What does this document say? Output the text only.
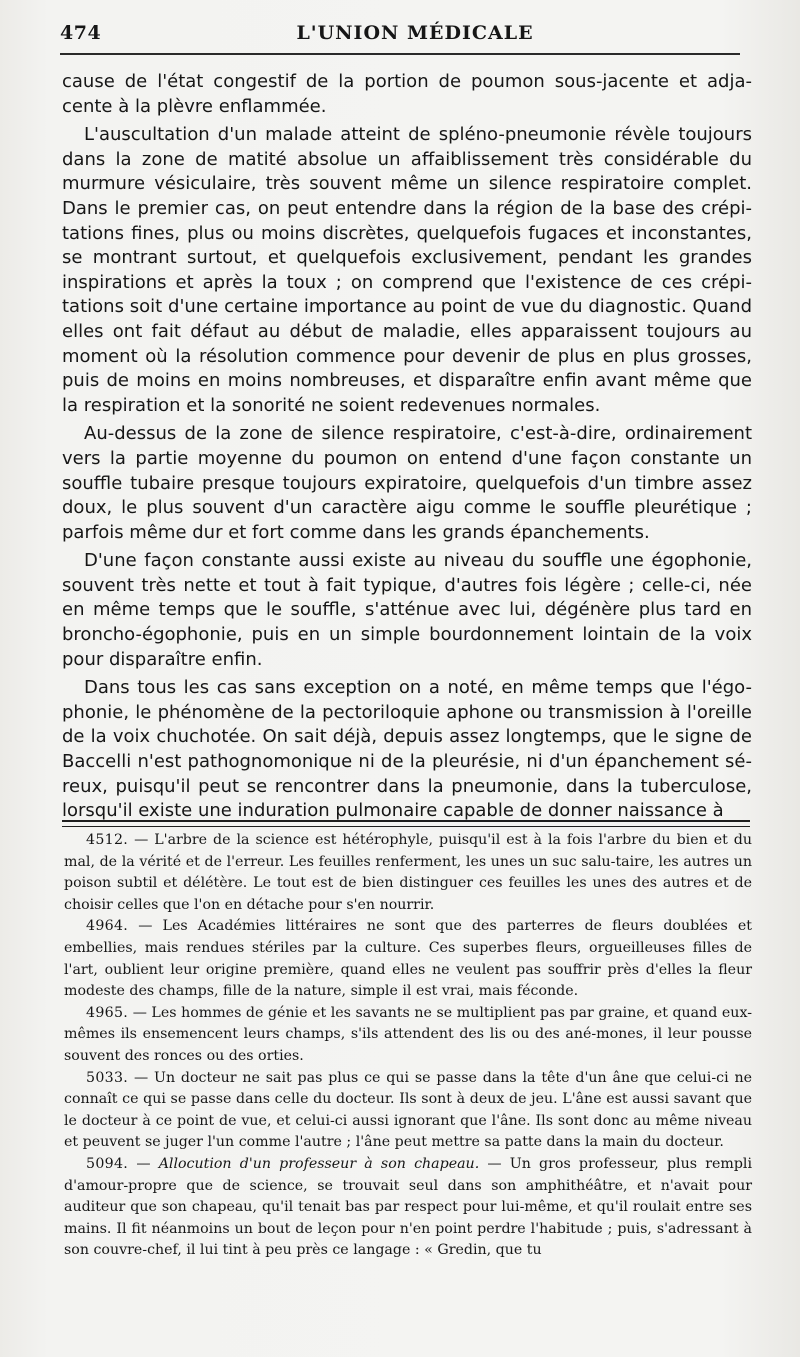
474	L'UNION MÉDICALE

cause de l'état congestif de la portion de poumon sous-jacente et adja-cente à la plèvre enflammée.

L'auscultation d'un malade atteint de spléno-pneumonie révèle toujours dans la zone de matité absolue un affaiblissement très considérable du murmure vésiculaire, très souvent même un silence respiratoire complet. Dans le premier cas, on peut entendre dans la région de la base des crépi-tations fines, plus ou moins discrètes, quelquefois fugaces et inconstantes, se montrant surtout, et quelquefois exclusivement, pendant les grandes inspirations et après la toux ; on comprend que l'existence de ces crépi-tations soit d'une certaine importance au point de vue du diagnostic. Quand elles ont fait défaut au début de maladie, elles apparaissent toujours au moment où la résolution commence pour devenir de plus en plus grosses, puis de moins en moins nombreuses, et disparaître enfin avant même que la respiration et la sonorité ne soient redevenues normales.

Au-dessus de la zone de silence respiratoire, c'est-à-dire, ordinairement vers la partie moyenne du poumon on entend d'une façon constante un souffle tubaire presque toujours expiratoire, quelquefois d'un timbre assez doux, le plus souvent d'un caractère aigu comme le souffle pleurétique ; parfois même dur et fort comme dans les grands épanchements.

D'une façon constante aussi existe au niveau du souffle une égophonie, souvent très nette et tout à fait typique, d'autres fois légère ; celle-ci, née en même temps que le souffle, s'atténue avec lui, dégénère plus tard en broncho-égophonie, puis en un simple bourdonnement lointain de la voix pour disparaître enfin.

Dans tous les cas sans exception on a noté, en même temps que l'égo-phonie, le phénomène de la pectoriloquie aphone ou transmission à l'oreille de la voix chuchotée. On sait déjà, depuis assez longtemps, que le signe de Baccelli n'est pathognomonique ni de la pleurésie, ni d'un épanchement sé-reux, puisqu'il peut se rencontrer dans la pneumonie, dans la tuberculose, lorsqu'il existe une induration pulmonaire capable de donner naissance à

4512. — L'arbre de la science est hétérophyle, puisqu'il est à la fois l'arbre du bien et du mal, de la vérité et de l'erreur. Les feuilles renferment, les unes un suc salu-taire, les autres un poison subtil et délétère. Le tout est de bien distinguer ces feuilles les unes des autres et de choisir celles que l'on en détache pour s'en nourrir.

4964. — Les Académies littéraires ne sont que des parterres de fleurs doublées et embellies, mais rendues stériles par la culture. Ces superbes fleurs, orgueilleuses filles de l'art, oublient leur origine première, quand elles ne veulent pas souffrir près d'elles la fleur modeste des champs, fille de la nature, simple il est vrai, mais féconde.

4965. — Les hommes de génie et les savants ne se multiplient pas par graine, et quand eux-mêmes ils ensemencent leurs champs, s'ils attendent des lis ou des ané-mones, il leur pousse souvent des ronces ou des orties.

5033. — Un docteur ne sait pas plus ce qui se passe dans la tête d'un âne que celui-ci ne connaît ce qui se passe dans celle du docteur. Ils sont à deux de jeu. L'âne est aussi savant que le docteur à ce point de vue, et celui-ci aussi ignorant que l'âne. Ils sont donc au même niveau et peuvent se juger l'un comme l'autre ; l'âne peut mettre sa patte dans la main du docteur.

5094. — Allocution d'un professeur à son chapeau. — Un gros professeur, plus rempli d'amour-propre que de science, se trouvait seul dans son amphithéâtre, et n'avait pour auditeur que son chapeau, qu'il tenait bas par respect pour lui-même, et qu'il roulait entre ses mains. Il fit néanmoins un bout de leçon pour n'en point perdre l'habitude ; puis, s'adressant à son couvre-chef, il lui tint à peu près ce langage : « Gredin, que tu
